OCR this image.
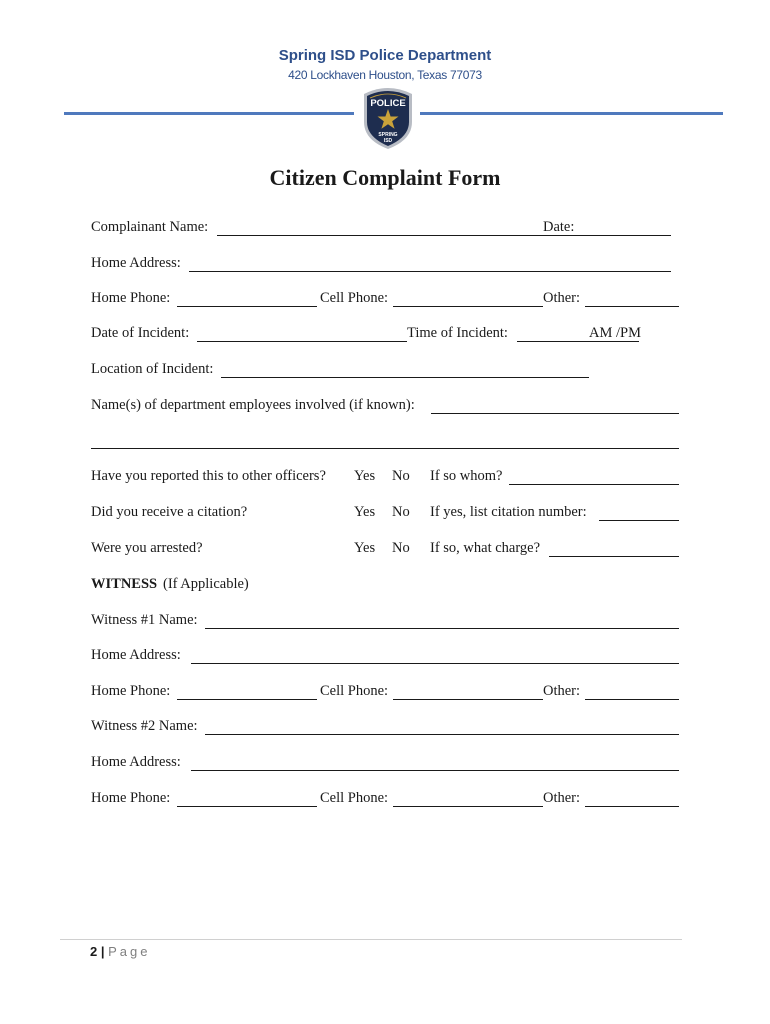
Spring ISD Police Department
420 Lockhaven Houston, Texas 77073
POLICE
SPRING
ISD
Citizen Complaint Form
Complainant Name:	Date:
Home Address:
Home Phone:	Cell Phone:	Other:
Date of Incident:	Time of Incident:	AM /PM
Location of Incident:
Name(s) of department employees involved (if known):
Have you reported this to other officers? Yes No If so whom?
Did you receive a citation?	Yes No If yes, list citation number:
Were you arrested?	Yes No If so, what charge?
WITNESS (If Applicable)
Witness #1 Name:
Home Address:
Home Phone:	Cell Phone:	Other:
Witness #2 Name:
Home Address:
Home Phone:	Cell Phone:	Other:
2 | Page
